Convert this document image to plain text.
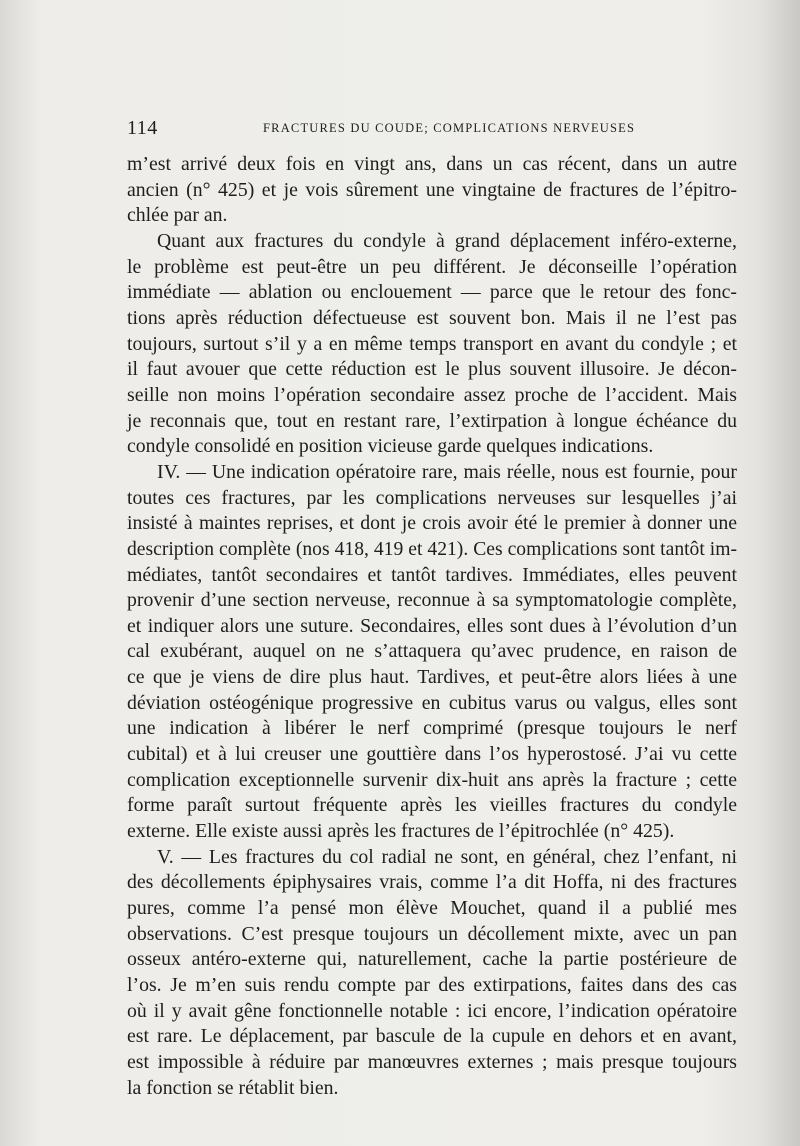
114	FRACTURES DU COUDE; COMPLICATIONS NERVEUSES
m’est arrivé deux fois en vingt ans, dans un cas récent, dans un autre
ancien (n° 425) et je vois sûrement une vingtaine de fractures de l’épitro-
chlée par an.
Quant aux fractures du condyle à grand déplacement inféro-externe,
le problème est peut-être un peu différent. Je déconseille l’opération
immédiate — ablation ou enclouement — parce que le retour des fonc-
tions après réduction défectueuse est souvent bon. Mais il ne l’est pas
toujours, surtout s’il y a en même temps transport en avant du condyle ; et
il faut avouer que cette réduction est le plus souvent illusoire. Je décon-
seille non moins l’opération secondaire assez proche de l’accident. Mais
je reconnais que, tout en restant rare, l’extirpation à longue échéance du
condyle consolidé en position vicieuse garde quelques indications.
IV. — Une indication opératoire rare, mais réelle, nous est fournie, pour
toutes ces fractures, par les complications nerveuses sur lesquelles j’ai
insisté à maintes reprises, et dont je crois avoir été le premier à donner une
description complète (nos 418, 419 et 421). Ces complications sont tantôt im-
médiates, tantôt secondaires et tantôt tardives. Immédiates, elles peuvent
provenir d’une section nerveuse, reconnue à sa symptomatologie complète,
et indiquer alors une suture. Secondaires, elles sont dues à l’évolution d’un
cal exubérant, auquel on ne s’attaquera qu’avec prudence, en raison de
ce que je viens de dire plus haut. Tardives, et peut-être alors liées à une
déviation ostéogénique progressive en cubitus varus ou valgus, elles sont
une indication à libérer le nerf comprimé (presque toujours le nerf
cubital) et à lui creuser une gouttière dans l’os hyperostosé. J’ai vu cette
complication exceptionnelle survenir dix-huit ans après la fracture ; cette
forme paraît surtout fréquente après les vieilles fractures du condyle
externe. Elle existe aussi après les fractures de l’épitrochlée (n° 425).
V. — Les fractures du col radial ne sont, en général, chez l’enfant, ni
des décollements épiphysaires vrais, comme l’a dit Hoffa, ni des fractures
pures, comme l’a pensé mon élève Mouchet, quand il a publié mes
observations. C’est presque toujours un décollement mixte, avec un pan
osseux antéro-externe qui, naturellement, cache la partie postérieure de
l’os. Je m’en suis rendu compte par des extirpations, faites dans des cas
où il y avait gêne fonctionnelle notable : ici encore, l’indication opératoire
est rare. Le déplacement, par bascule de la cupule en dehors et en avant,
est impossible à réduire par manœuvres externes ; mais presque toujours
la fonction se rétablit bien.
